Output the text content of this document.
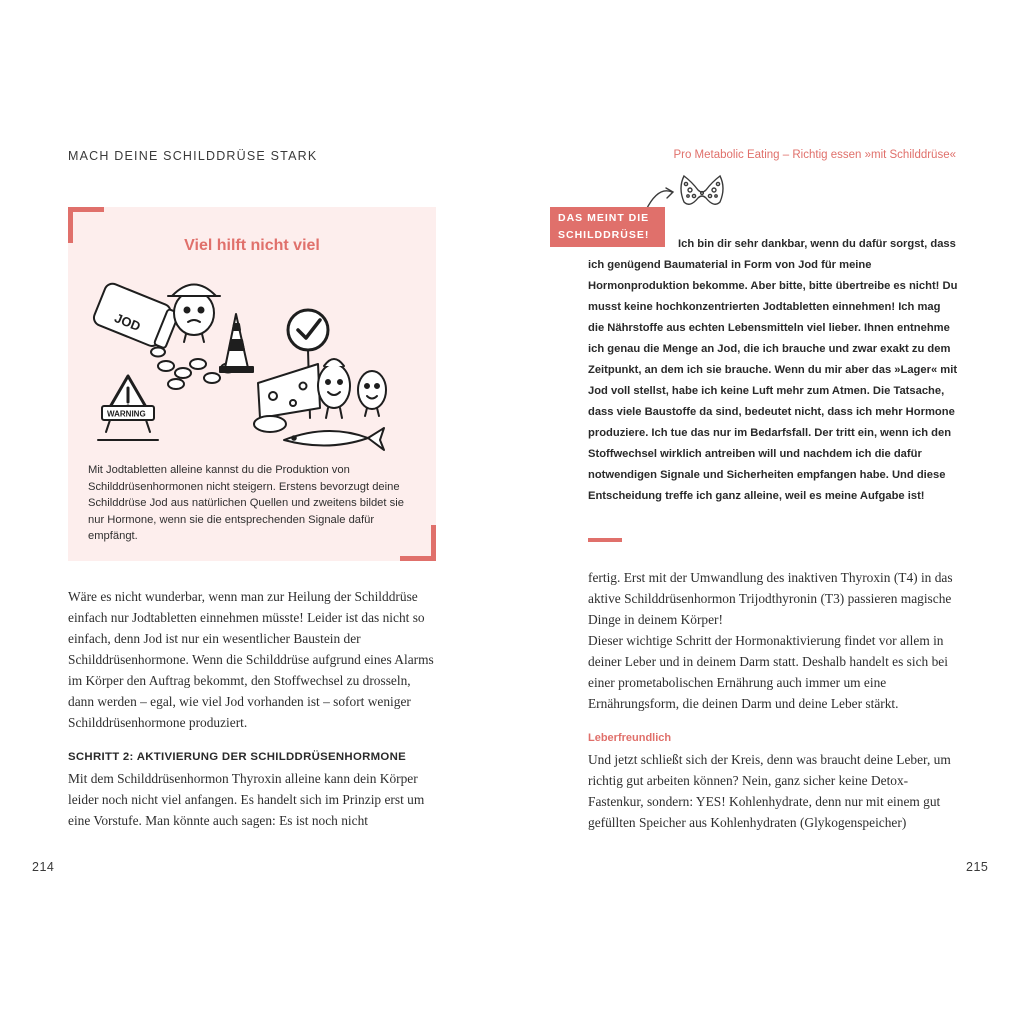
MACH DEINE SCHILDDRÜSE STARK	Pro Metabolic Eating – Richtig essen »mit Schilddrüse«
Viel hilft nicht viel
JOD
WARNING
Mit Jodtabletten alleine kannst du die Produktion von Schilddrüsenhormonen nicht steigern. Erstens bevorzugt deine Schilddrüse Jod aus natürlichen Quellen und zweitens bildet sie nur Hormone, wenn sie die entsprechenden Signale dafür empfängt.

Wäre es nicht wunderbar, wenn man zur Heilung der Schilddrüse einfach nur Jodtabletten einnehmen müsste! Leider ist das nicht so einfach, denn Jod ist nur ein wesentlicher Baustein der Schilddrüsenhormone. Wenn die Schilddrüse aufgrund eines Alarms im Körper den Auftrag bekommt, den Stoffwechsel zu drosseln, dann werden – egal, wie viel Jod vorhanden ist – sofort weniger Schilddrüsenhormone produziert.

SCHRITT 2: AKTIVIERUNG DER SCHILDDRÜSENHORMONE

Mit dem Schilddrüsenhormon Thyroxin alleine kann dein Körper leider noch nicht viel anfangen. Es handelt sich im Prinzip erst um eine Vorstufe. Man könnte auch sagen: Es ist noch nicht

DAS MEINT DIE
SCHILDDRÜSE!
Ich bin dir sehr dankbar, wenn du dafür sorgst, dass ich genügend Baumaterial in Form von Jod für meine Hormonproduktion bekomme. Aber bitte, bitte übertreibe es nicht! Du musst keine hochkonzentrierten Jodtabletten einnehmen! Ich mag die Nährstoffe aus echten Lebensmitteln viel lieber. Ihnen entnehme ich genau die Menge an Jod, die ich brauche und zwar exakt zu dem Zeitpunkt, an dem ich sie brauche. Wenn du mir aber das »Lager« mit Jod voll stellst, habe ich keine Luft mehr zum Atmen. Die Tatsache, dass viele Baustoffe da sind, bedeutet nicht, dass ich mehr Hormone produziere. Ich tue das nur im Bedarfsfall. Der tritt ein, wenn ich den Stoffwechsel wirklich antreiben will und nachdem ich die dafür notwendigen Signale und Sicherheiten empfangen habe. Und diese Entscheidung treffe ich ganz alleine, weil es meine Aufgabe ist!

fertig. Erst mit der Umwandlung des inaktiven Thyroxin (T4) in das aktive Schilddrüsenhormon Trijodthyronin (T3) passieren magische Dinge in deinem Körper!

Dieser wichtige Schritt der Hormonaktivierung findet vor allem in deiner Leber und in deinem Darm statt. Deshalb handelt es sich bei einer prometabolischen Ernährung auch immer um eine Ernährungsform, die deinen Darm und deine Leber stärkt.

Leberfreundlich

Und jetzt schließt sich der Kreis, denn was braucht deine Leber, um richtig gut arbeiten können? Nein, ganz sicher keine Detox-Fastenkur, sondern: YES! Kohlenhydrate, denn nur mit einem gut gefüllten Speicher aus Kohlenhydraten (Glykogenspeicher)

214	215
